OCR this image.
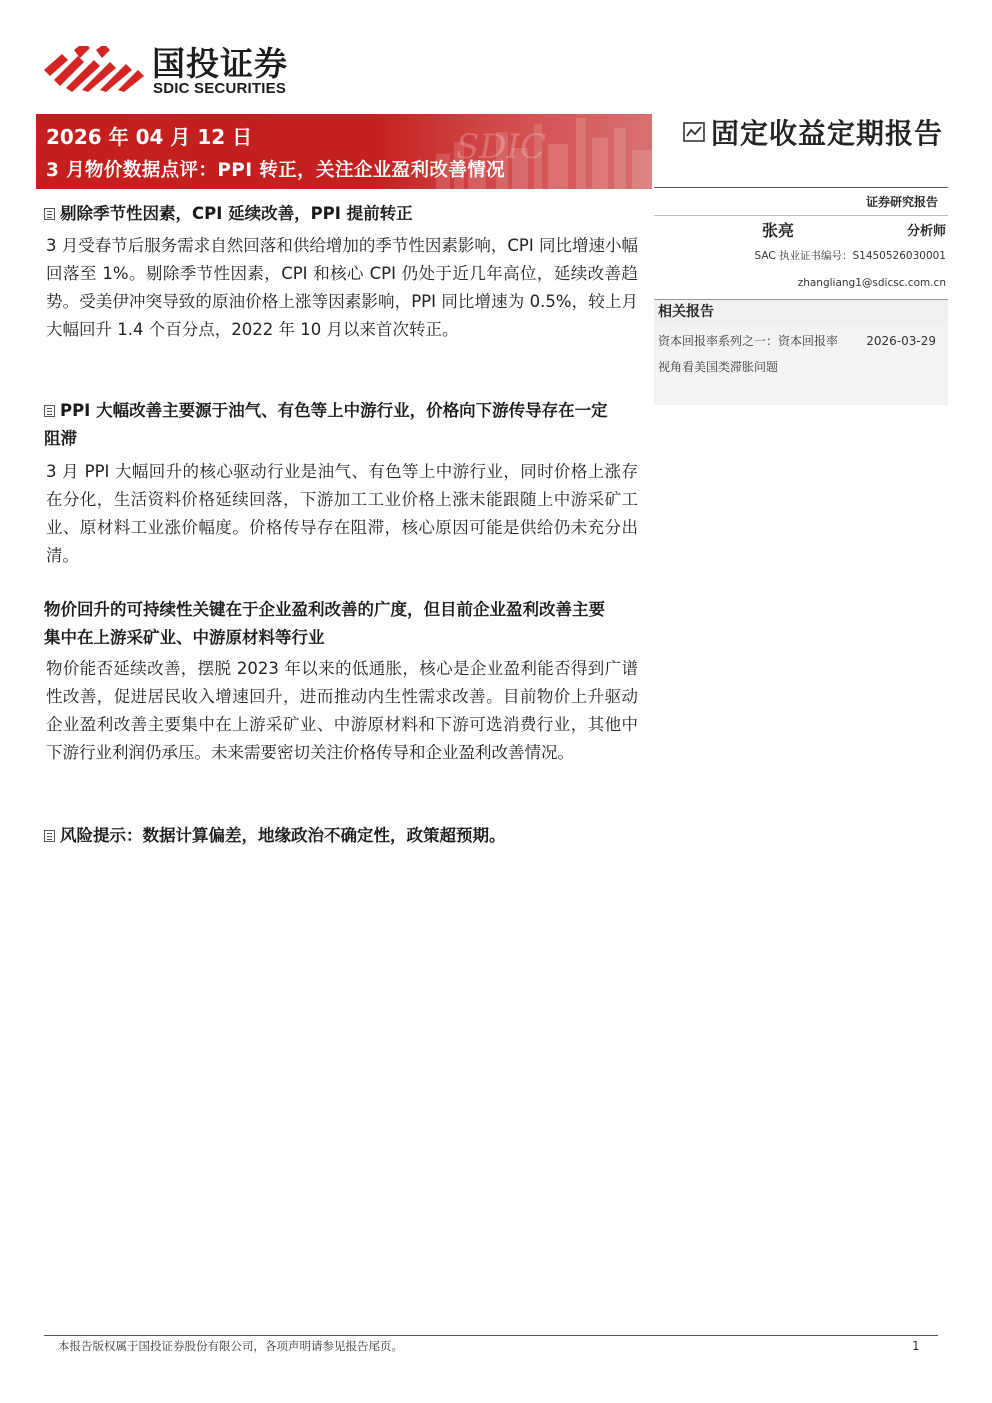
国投证券
SDIC SECURITIES
SDIC
2026 年 04 月 12 日
3 月物价数据点评：PPI 转正，关注企业盈利改善情况
固定收益定期报告
证券研究报告
张亮	分析师
SAC 执业证书编号：S1450526030001
zhangliang1@sdicsc.com.cn
相关报告
资本回报率系列之一：资本回报率视角看美国类滞胀问题
2026-03-29
剔除季节性因素，CPI 延续改善，PPI 提前转正
3 月受春节后服务需求自然回落和供给增加的季节性因素影响，CPI 同比增速小幅回落至 1%。剔除季节性因素，CPI 和核心 CPI 仍处于近几年高位，延续改善趋势。受美伊冲突导致的原油价格上涨等因素影响，PPI 同比增速为 0.5%，较上月大幅回升 1.4 个百分点，2022 年 10 月以来首次转正。
PPI 大幅改善主要源于油气、有色等上中游行业，价格向下游传导存在一定阻滞
3 月 PPI 大幅回升的核心驱动行业是油气、有色等上中游行业，同时价格上涨存在分化，生活资料价格延续回落，下游加工工业价格上涨未能跟随上中游采矿工业、原材料工业涨价幅度。价格传导存在阻滞，核心原因可能是供给仍未充分出清。
物价回升的可持续性关键在于企业盈利改善的广度，但目前企业盈利改善主要集中在上游采矿业、中游原材料等行业
物价能否延续改善，摆脱 2023 年以来的低通胀，核心是企业盈利能否得到广谱性改善，促进居民收入增速回升，进而推动内生性需求改善。目前物价上升驱动企业盈利改善主要集中在上游采矿业、中游原材料和下游可选消费行业，其他中下游行业利润仍承压。未来需要密切关注价格传导和企业盈利改善情况。
风险提示：数据计算偏差，地缘政治不确定性，政策超预期。
本报告版权属于国投证券股份有限公司，各项声明请参见报告尾页。	1
